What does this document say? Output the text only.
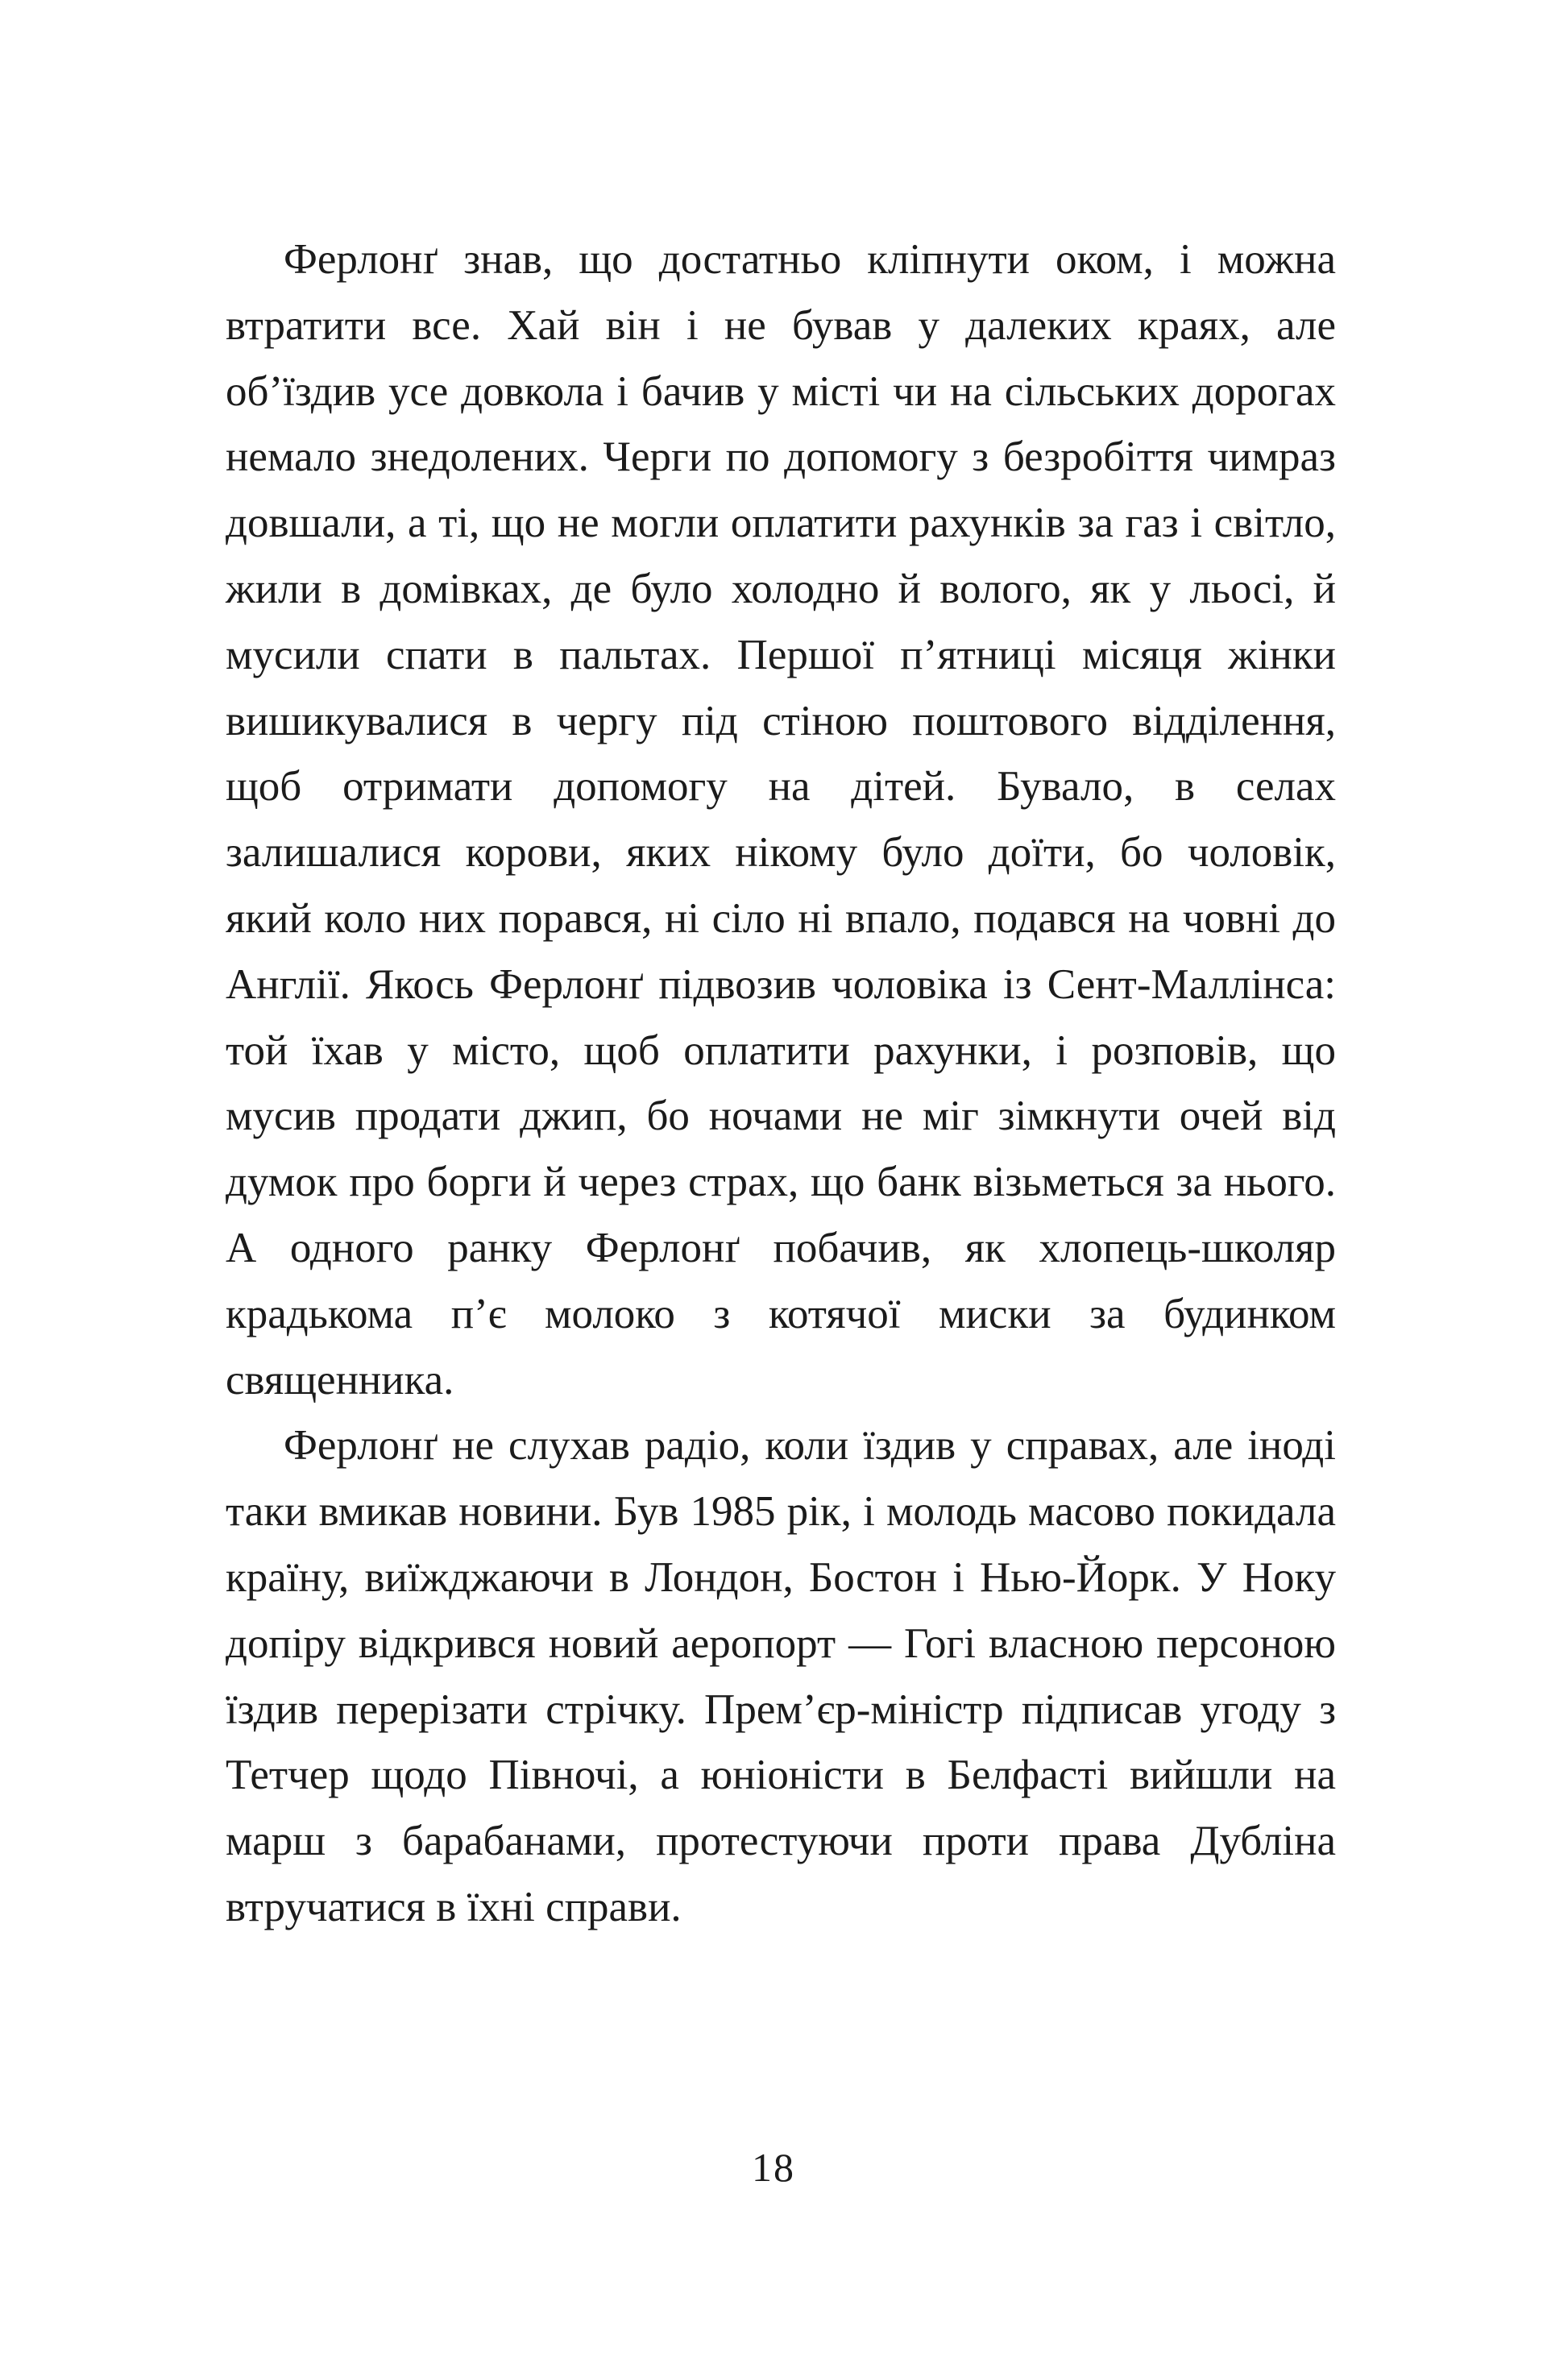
Ферлонґ знав, що достатньо кліпнути оком, і можна втратити все. Хай він і не бував у далеких краях, але об’їздив усе довкола і бачив у місті чи на сільських дорогах немало знедолених. Черги по допомогу з безробіття чимраз довшали, а ті, що не могли оплатити рахунків за газ і світло, жили в домівках, де було холодно й волого, як у льосі, й мусили спати в пальтах. Першої п’ятниці місяця жінки вишикувалися в чергу під стіною поштового відділення, щоб отримати допомогу на дітей. Бувало, в селах залишалися корови, яких нікому було доїти, бо чоловік, який коло них порався, ні сіло ні впало, подався на човні до Англії. Якось Ферлонґ підвозив чоловіка із Сент-Маллінса: той їхав у місто, щоб оплатити рахунки, і розповів, що мусив продати джип, бо ночами не міг зімкнути очей від думок про борги й через страх, що банк візьметься за нього. А одного ранку Ферлонґ побачив, як хлопець-школяр крадькома п’є молоко з котячої миски за будинком священника.

Ферлонґ не слухав радіо, коли їздив у справах, але іноді таки вмикав новини. Був 1985 рік, і молодь масово покидала країну, виїжджаючи в Лондон, Бостон і Нью-Йорк. У Ноку допіру відкрився новий аеропорт — Гогі власною персоною їздив перерізати стрічку. Прем’єр-міністр підписав угоду з Тетчер щодо Півночі, а юніоністи в Белфасті вийшли на марш з барабанами, протестуючи проти права Дубліна втручатися в їхні справи.

18
